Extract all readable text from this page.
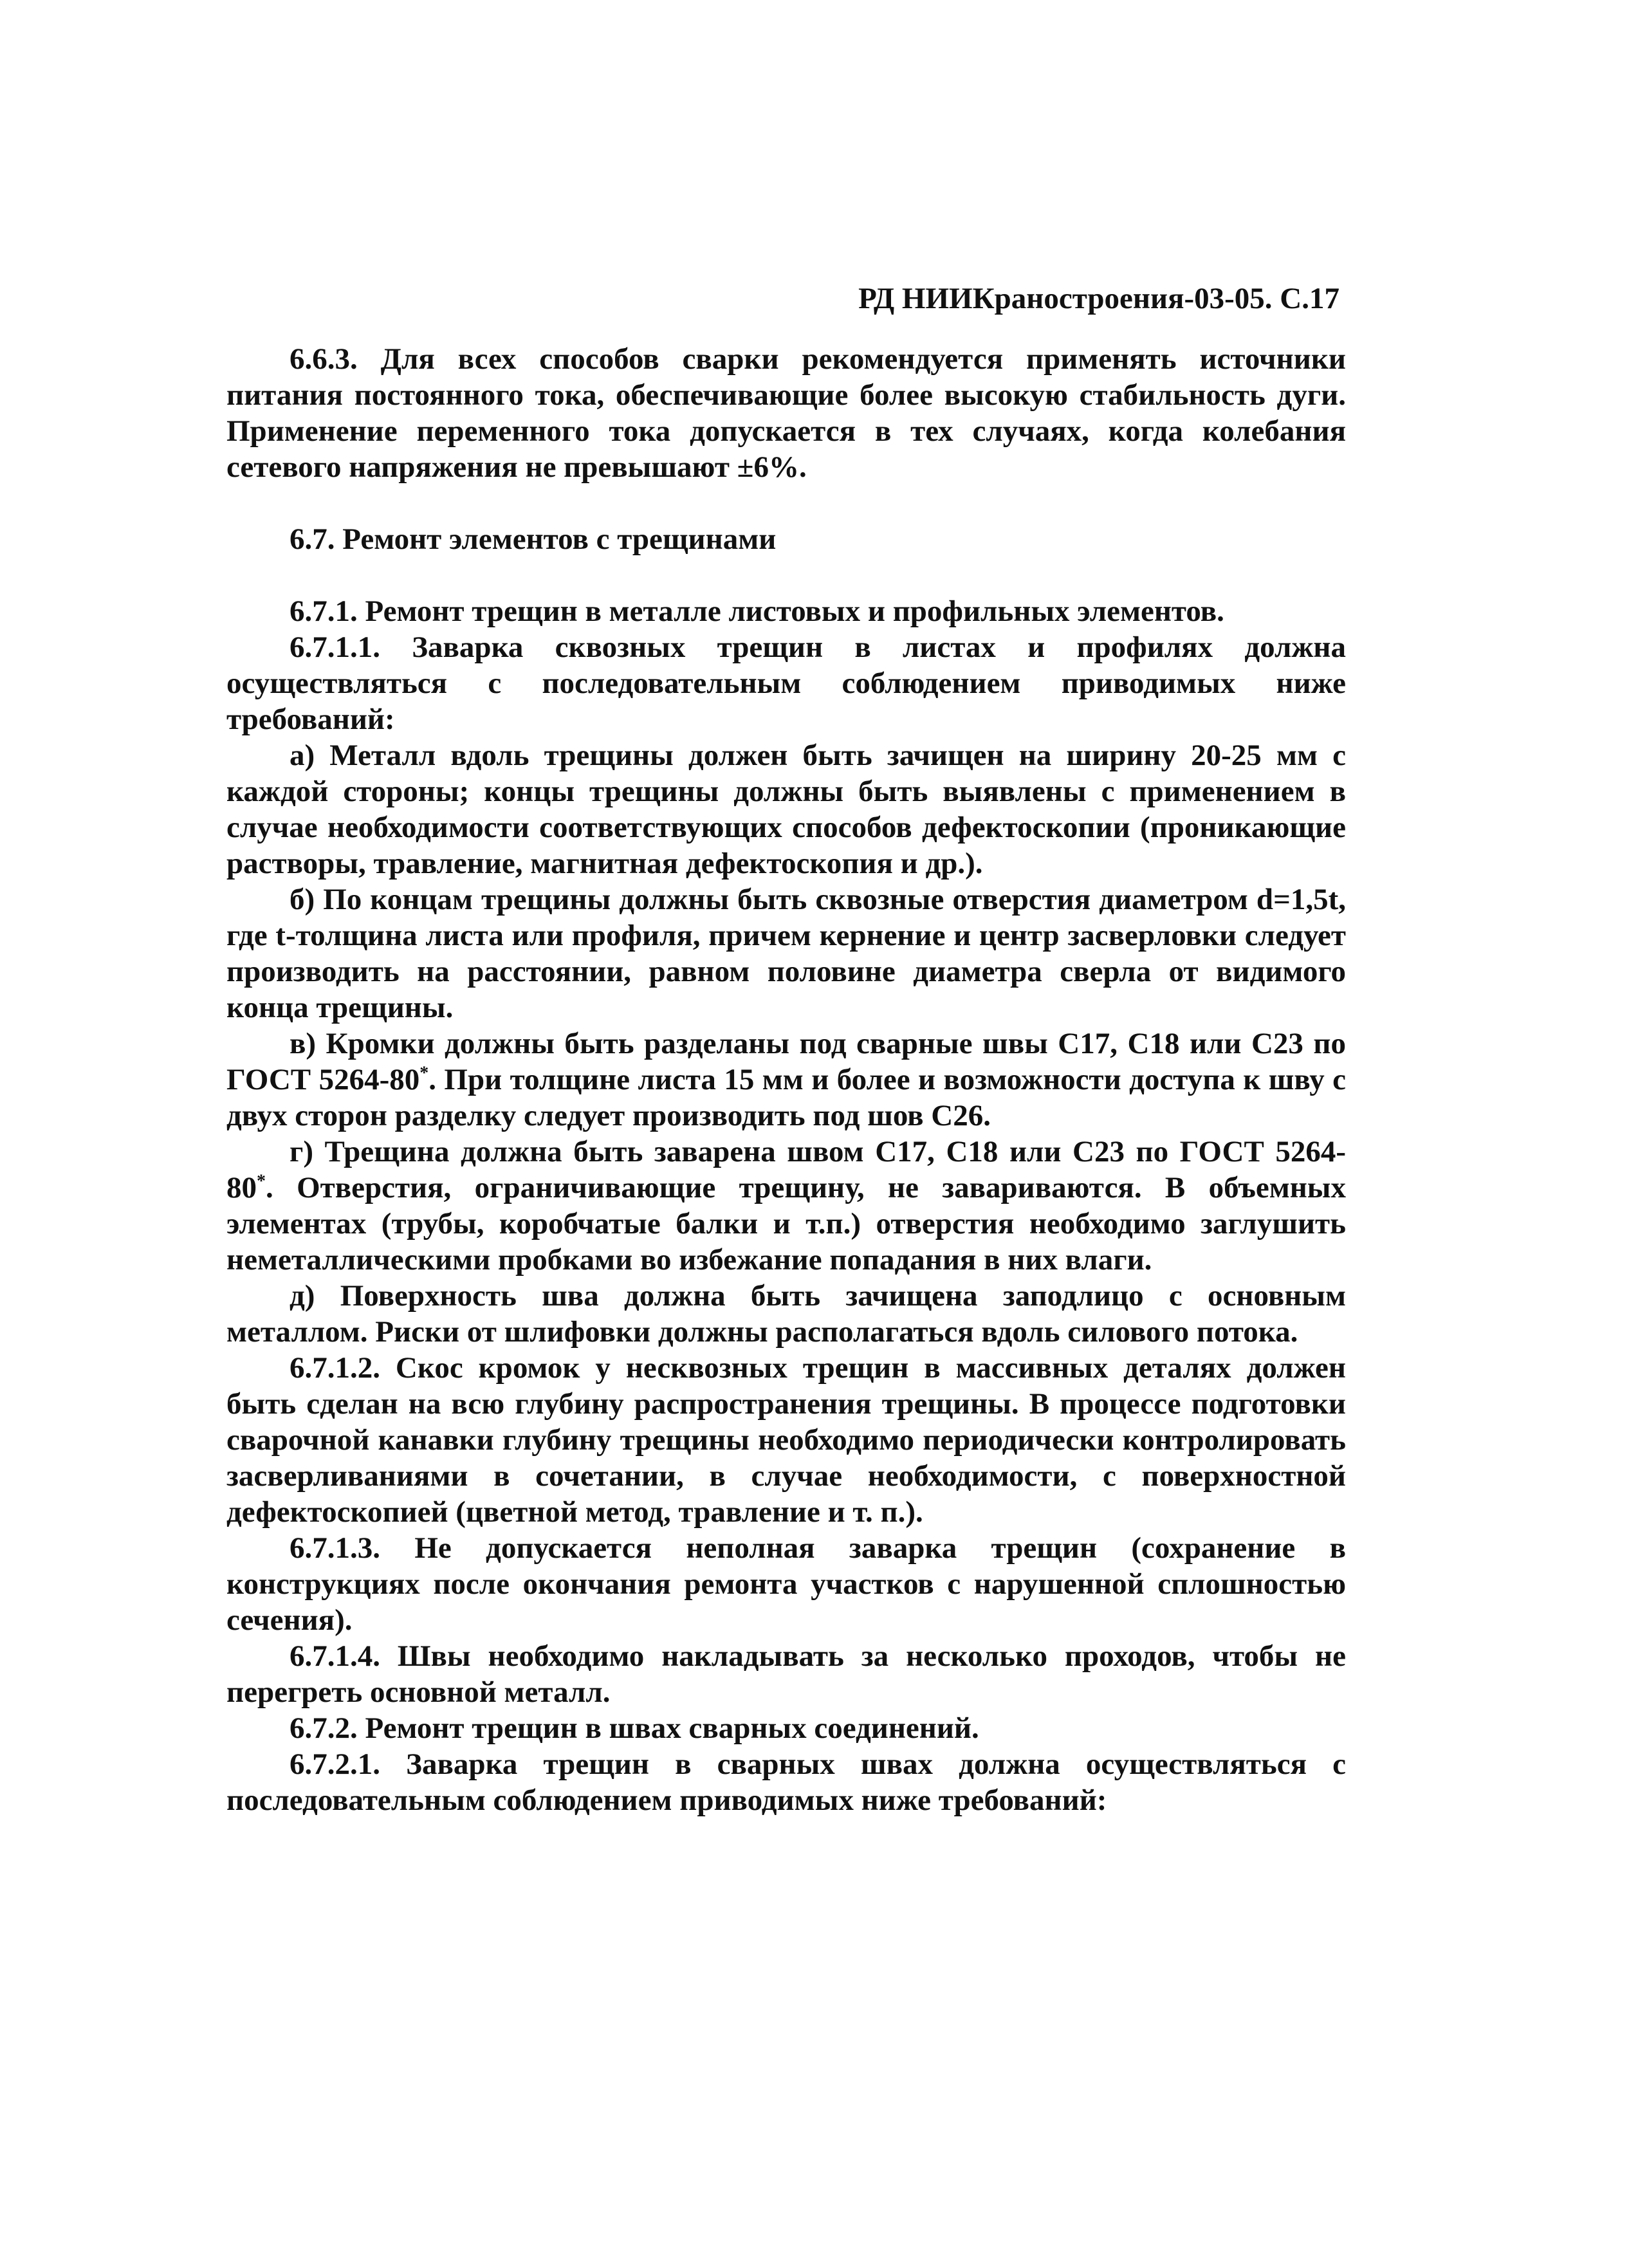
РД НИИКраностроения-03-05. С.17

6.6.3. Для всех способов сварки рекомендуется применять источники питания постоянного тока, обеспечивающие более высокую стабильность дуги. Применение переменного тока допускается в тех случаях, когда колебания сетевого напряжения не превышают ±6%.

6.7. Ремонт элементов с трещинами

6.7.1. Ремонт трещин в металле листовых и профильных элементов.

6.7.1.1. Заварка сквозных трещин в листах и профилях должна осуществляться с последовательным соблюдением приводимых ниже требований:

а) Металл вдоль трещины должен быть зачищен на ширину 20-25 мм с каждой стороны; концы трещины должны быть выявлены с применением в случае необходимости соответствующих способов дефектоскопии (проникающие растворы, травление, магнитная дефектоскопия и др.).

б) По концам трещины должны быть сквозные отверстия диаметром d=1,5t, где t-толщина листа или профиля, причем кернение и центр засверловки следует производить на расстоянии, равном половине диаметра сверла от видимого конца трещины.

в) Кромки должны быть разделаны под сварные швы С17, С18 или С23 по ГОСТ 5264-80*. При толщине листа 15 мм и более и возможности доступа к шву с двух сторон разделку следует производить под шов С26.

г) Трещина должна быть заварена швом С17, С18 или С23 по ГОСТ 5264-80*. Отверстия, ограничивающие трещину, не завариваются. В объемных элементах (трубы, коробчатые балки и т.п.) отверстия необходимо заглушить неметаллическими пробками во избежание попадания в них влаги.

д) Поверхность шва должна быть зачищена заподлицо с основным металлом. Риски от шлифовки должны располагаться вдоль силового потока.

6.7.1.2. Скос кромок у несквозных трещин в массивных деталях должен быть сделан на всю глубину распространения трещины. В процессе подготовки сварочной канавки глубину трещины необходимо периодически контролировать засверливаниями в сочетании, в случае необходимости, с поверхностной дефектоскопией (цветной метод, травление и т. п.).

6.7.1.3. Не допускается неполная заварка трещин (сохранение в конструкциях после окончания ремонта участков с нарушенной сплошностью сечения).

6.7.1.4. Швы необходимо накладывать за несколько проходов, чтобы не перегреть основной металл.

6.7.2. Ремонт трещин в швах сварных соединений.

6.7.2.1. Заварка трещин в сварных швах должна осуществляться с последовательным соблюдением приводимых ниже требований:
